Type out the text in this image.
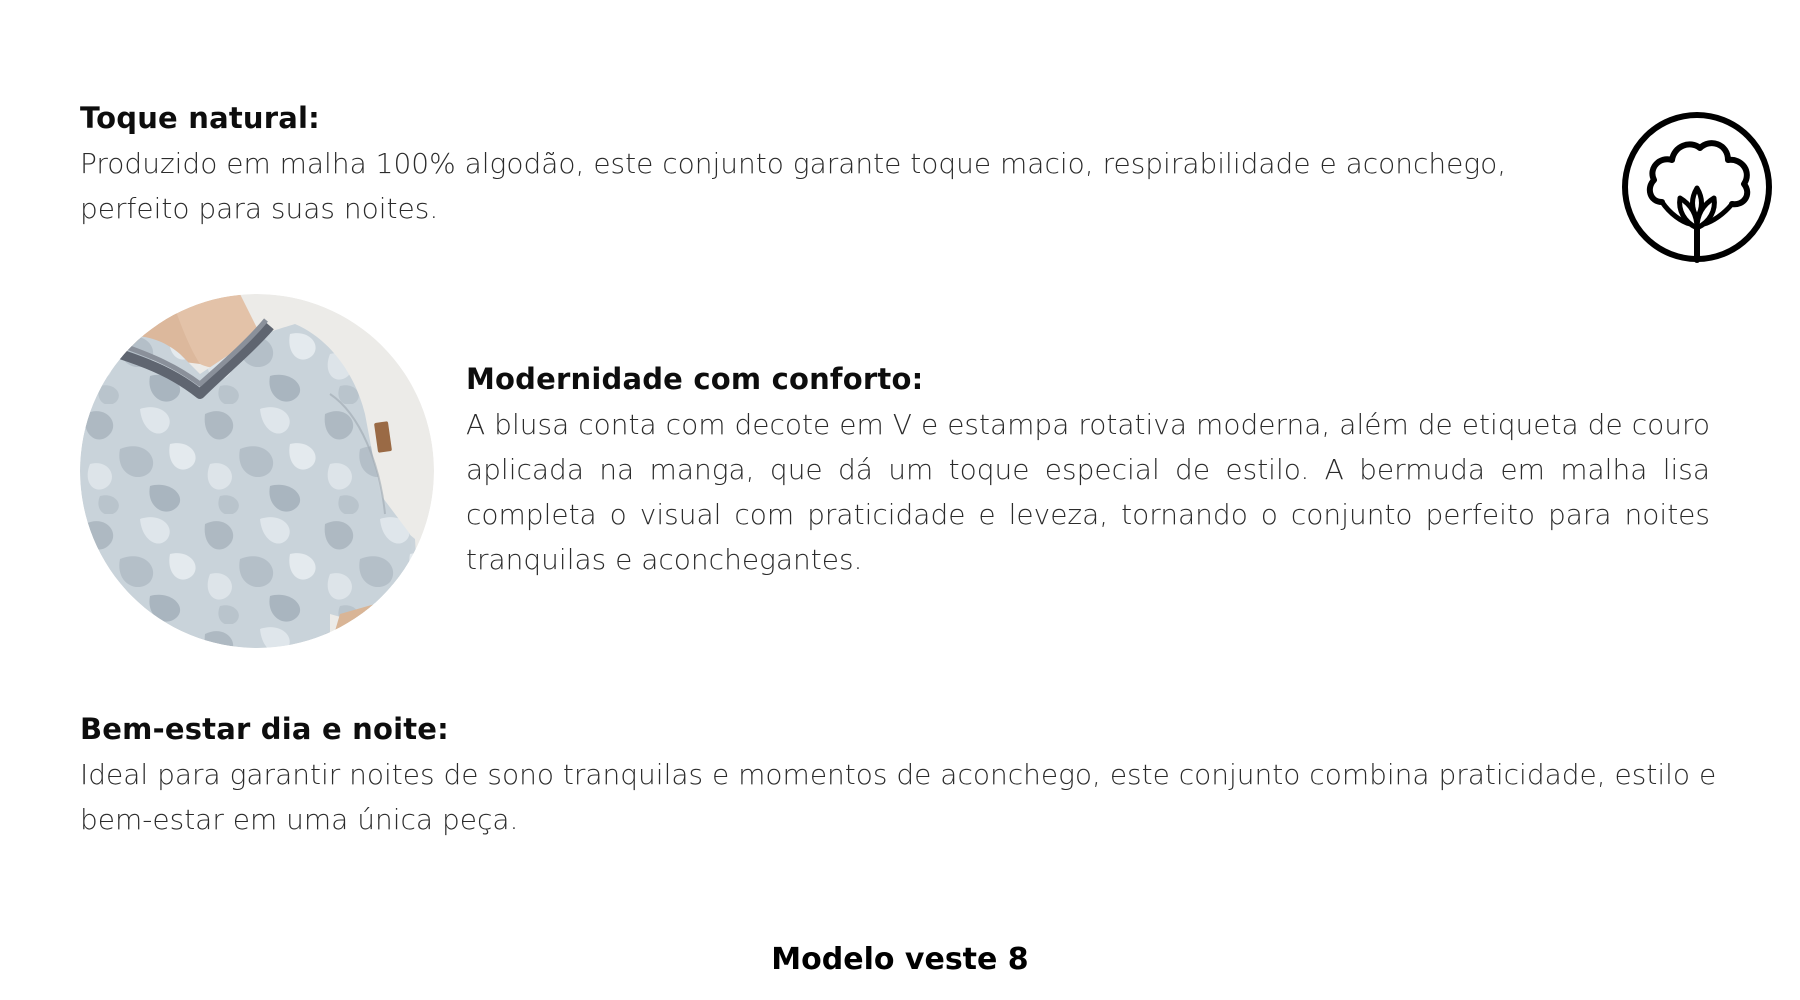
Toque natural:
Produzido em malha 100% algodão, este conjunto garante toque macio, respirabilidade e aconchego, perfeito para suas noites.
Modernidade com conforto:
A blusa conta com decote em V e estampa rotativa moderna, além de etiqueta de couro aplicada na manga, que dá um toque especial de estilo. A bermuda em malha lisa completa o visual com praticidade e leveza, tornando o conjunto perfeito para noites tranquilas e aconchegantes.
Bem-estar dia e noite:
Ideal para garantir noites de sono tranquilas e momentos de aconchego, este conjunto combina praticidade, estilo e bem-estar em uma única peça.
Modelo veste 8
